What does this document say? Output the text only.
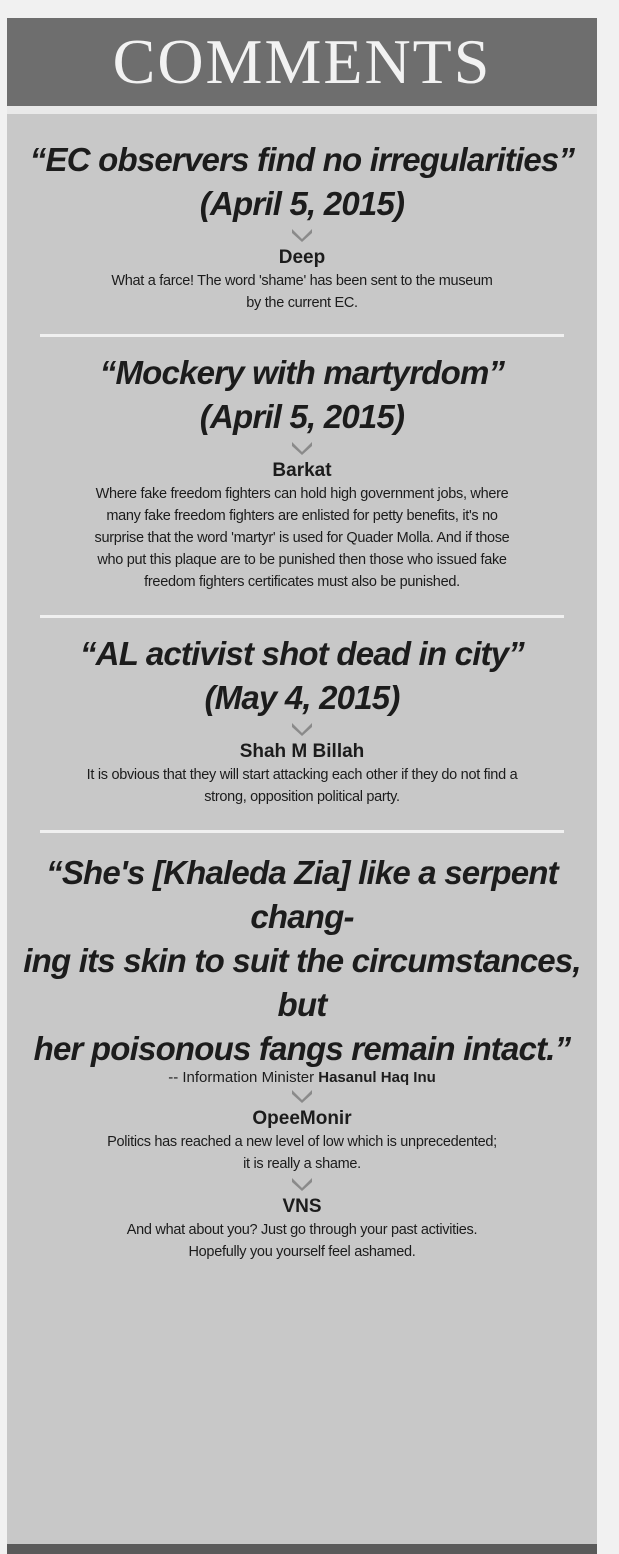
COMMENTS
“EC observers find no irregularities”
(April 5, 2015)
Deep
What a farce! The word 'shame' has been sent to the museum
by the current EC.
“Mockery with martyrdom”
(April 5, 2015)
Barkat
Where fake freedom fighters can hold high government jobs, where
many fake freedom fighters are enlisted for petty benefits, it's no
surprise that the word 'martyr' is used for Quader Molla. And if those
who put this plaque are to be punished then those who issued fake
freedom fighters certificates must also be punished.
“AL activist shot dead in city”
(May 4, 2015)
Shah M Billah
It is obvious that they will start attacking each other if they do not find a
strong, opposition political party.
“She's [Khaleda Zia] like a serpent chang-
ing its skin to suit the circumstances, but
her poisonous fangs remain intact.”
-- Information Minister Hasanul Haq Inu
OpeeMonir
Politics has reached a new level of low which is unprecedented;
it is really a shame.
VNS
And what about you? Just go through your past activities.
Hopefully you yourself feel ashamed.
